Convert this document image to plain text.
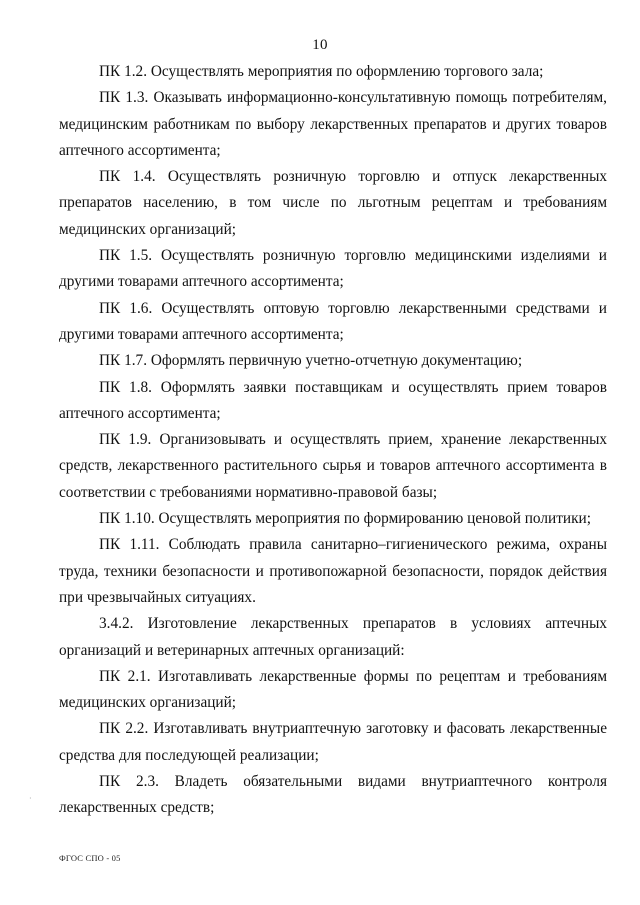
10

ПК 1.2. Осуществлять мероприятия по оформлению торгового зала;

ПК 1.3. Оказывать информационно-консультативную помощь потребителям, медицинским работникам по выбору лекарственных препаратов и других товаров аптечного ассортимента;

ПК 1.4. Осуществлять розничную торговлю и отпуск лекарственных препаратов населению, в том числе по льготным рецептам и требованиям медицинских организаций;

ПК 1.5. Осуществлять розничную торговлю медицинскими изделиями и другими товарами аптечного ассортимента;

ПК 1.6. Осуществлять оптовую торговлю лекарственными средствами и другими товарами аптечного ассортимента;

ПК 1.7. Оформлять первичную учетно-отчетную документацию;

ПК 1.8. Оформлять заявки поставщикам и осуществлять прием товаров аптечного ассортимента;

ПК 1.9. Организовывать и осуществлять прием, хранение лекарственных средств, лекарственного растительного сырья и товаров аптечного ассортимента в соответствии с требованиями нормативно-правовой базы;

ПК 1.10. Осуществлять мероприятия по формированию ценовой политики;

ПК 1.11. Соблюдать правила санитарно–гигиенического режима, охраны труда, техники безопасности и противопожарной безопасности, порядок действия при чрезвычайных ситуациях.

3.4.2. Изготовление лекарственных препаратов в условиях аптечных организаций и ветеринарных аптечных организаций:

ПК 2.1. Изготавливать лекарственные формы по рецептам и требованиям медицинских организаций;

ПК 2.2. Изготавливать внутриаптечную заготовку и фасовать лекарственные средства для последующей реализации;

ПК 2.3. Владеть обязательными видами внутриаптечного контроля лекарственных средств;

·
ФГОС СПО - 05
